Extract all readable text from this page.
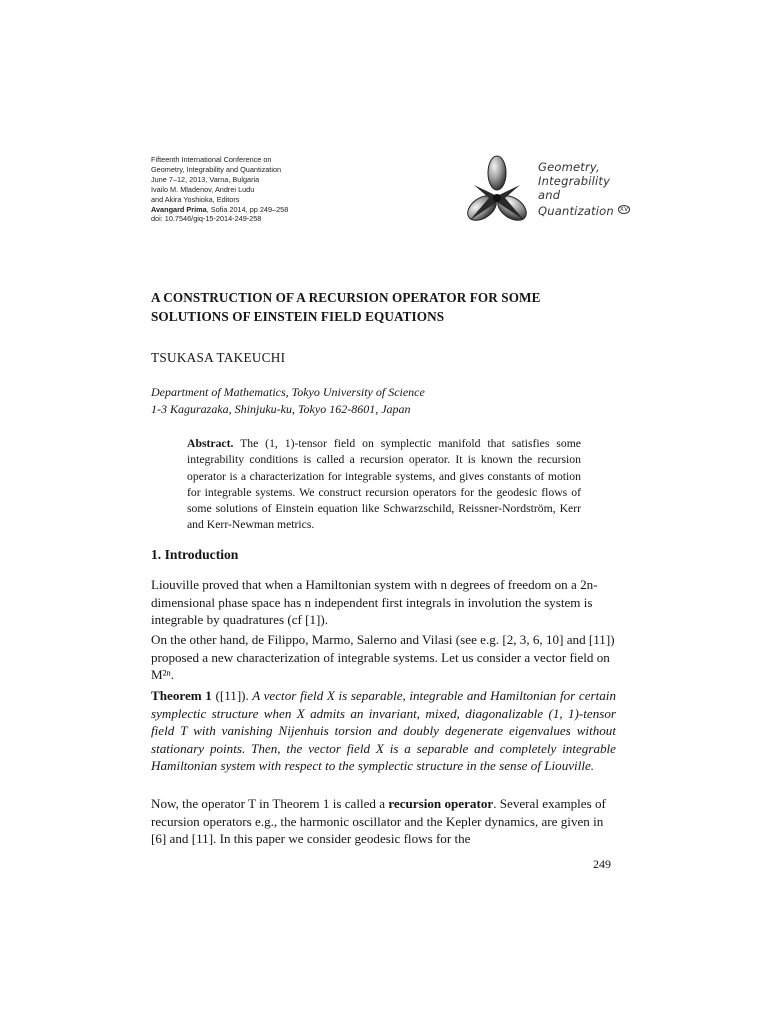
Fifteenth International Conference on
Geometry, Integrability and Quantization
June 7–12, 2013, Varna, Bulgaria
Ivailo M. Mladenov, Andrei Ludu
and Akira Yoshioka, Editors
Avangard Prima, Sofia 2014, pp 249–258
doi: 10.7546/giq-15-2014-249-258
Geometry,
Integrability
and
Quantization $^{XV}$
A CONSTRUCTION OF A RECURSION OPERATOR FOR SOME
SOLUTIONS OF EINSTEIN FIELD EQUATIONS
TSUKASA TAKEUCHI
Department of Mathematics, Tokyo University of Science
1-3 Kagurazaka, Shinjuku-ku, Tokyo 162-8601, Japan
Abstract. The (1, 1)-tensor field on symplectic manifold that satisfies some integrability conditions is called a recursion operator. It is known the recursion operator is a characterization for integrable systems, and gives constants of motion for integrable systems. We construct recursion operators for the geodesic flows of some solutions of Einstein equation like Schwarzschild, Reissner-Nordström, Kerr and Kerr-Newman metrics.
1. Introduction
Liouville proved that when a Hamiltonian system with n degrees of freedom on a 2n-dimensional phase space has n independent first integrals in involution the system is integrable by quadratures (cf [1]).
On the other hand, de Filippo, Marmo, Salerno and Vilasi (see e.g. [2, 3, 6, 10] and [11]) proposed a new characterization of integrable systems. Let us consider a vector field on M²ⁿ.
Theorem 1 ([11]). A vector field X is separable, integrable and Hamiltonian for certain symplectic structure when X admits an invariant, mixed, diagonalizable (1, 1)-tensor field T with vanishing Nijenhuis torsion and doubly degenerate eigenvalues without stationary points. Then, the vector field X is a separable and completely integrable Hamiltonian system with respect to the symplectic structure in the sense of Liouville.
Now, the operator T in Theorem 1 is called a recursion operator. Several examples of recursion operators e.g., the harmonic oscillator and the Kepler dynamics, are given in [6] and [11]. In this paper we consider geodesic flows for the
249
